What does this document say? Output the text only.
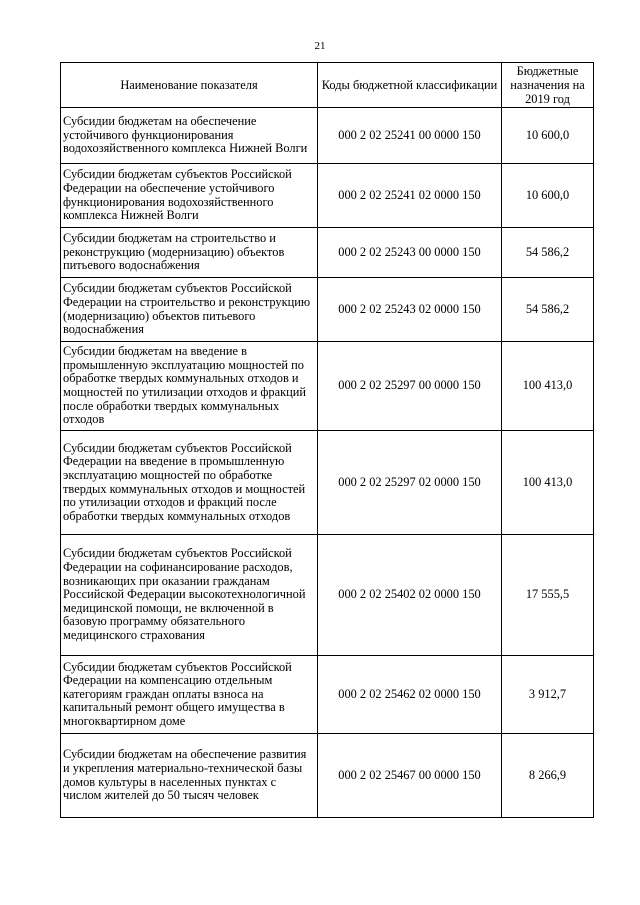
21
Наименование показателя	Коды бюджетной классификации	Бюджетные назначения на 2019 год
Субсидии бюджетам на обеспечение устойчивого функционирования водохозяйственного комплекса Нижней Волги	000 2 02 25241 00 0000 150	10 600,0
Субсидии бюджетам субъектов Российской Федерации на обеспечение устойчивого функционирования водохозяйственного комплекса Нижней Волги	000 2 02 25241 02 0000 150	10 600,0
Субсидии бюджетам на строительство и реконструкцию (модернизацию) объектов питьевого водоснабжения	000 2 02 25243 00 0000 150	54 586,2
Субсидии бюджетам субъектов Российской Федерации на строительство и реконструкцию (модернизацию) объектов питьевого водоснабжения	000 2 02 25243 02 0000 150	54 586,2
Субсидии бюджетам на введение в промышленную эксплуатацию мощностей по обработке твердых коммунальных отходов и мощностей по утилизации отходов и фракций после обработки твердых коммунальных отходов	000 2 02 25297 00 0000 150	100 413,0
Субсидии бюджетам субъектов Российской Федерации на введение в промышленную эксплуатацию мощностей по обработке твердых коммунальных отходов и мощностей по утилизации отходов и фракций после обработки твердых коммунальных отходов	000 2 02 25297 02 0000 150	100 413,0
Субсидии бюджетам субъектов Российской Федерации на софинансирование расходов, возникающих при оказании гражданам Российской Федерации высокотехнологичной медицинской помощи, не включенной в базовую программу обязательного медицинского страхования	000 2 02 25402 02 0000 150	17 555,5
Субсидии бюджетам субъектов Российской Федерации на компенсацию отдельным категориям граждан оплаты взноса на капитальный ремонт общего имущества в многоквартирном доме	000 2 02 25462 02 0000 150	3 912,7
Субсидии бюджетам на обеспечение развития и укрепления материально-технической базы домов культуры в населенных пунктах с числом жителей до 50 тысяч человек	000 2 02 25467 00 0000 150	8 266,9
